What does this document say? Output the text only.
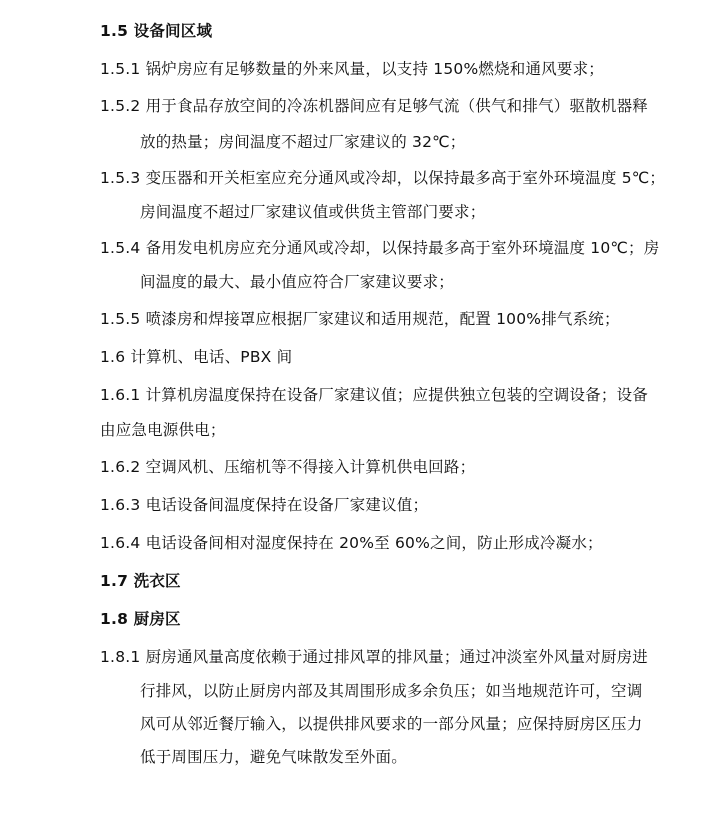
1.5 设备间区域
1.5.1 锅炉房应有足够数量的外来风量，以支持 150%燃烧和通风要求；
1.5.2 用于食品存放空间的冷冻机器间应有足够气流（供气和排气）驱散机器释
放的热量；房间温度不超过厂家建议的 32℃；
1.5.3 变压器和开关柜室应充分通风或冷却，以保持最多高于室外环境温度 5℃；
房间温度不超过厂家建议值或供货主管部门要求；
1.5.4 备用发电机房应充分通风或冷却，以保持最多高于室外环境温度 10℃；房
间温度的最大、最小值应符合厂家建议要求；
1.5.5 喷漆房和焊接罩应根据厂家建议和适用规范，配置 100%排气系统；
1.6 计算机、电话、PBX 间
1.6.1 计算机房温度保持在设备厂家建议值；应提供独立包装的空调设备；设备
由应急电源供电；
1.6.2 空调风机、压缩机等不得接入计算机供电回路；
1.6.3 电话设备间温度保持在设备厂家建议值；
1.6.4 电话设备间相对湿度保持在 20%至 60%之间，防止形成冷凝水；
1.7 洗衣区
1.8 厨房区
1.8.1 厨房通风量高度依赖于通过排风罩的排风量；通过冲淡室外风量对厨房进
行排风，以防止厨房内部及其周围形成多余负压；如当地规范许可，空调
风可从邻近餐厅输入，以提供排风要求的一部分风量；应保持厨房区压力
低于周围压力，避免气味散发至外面。
